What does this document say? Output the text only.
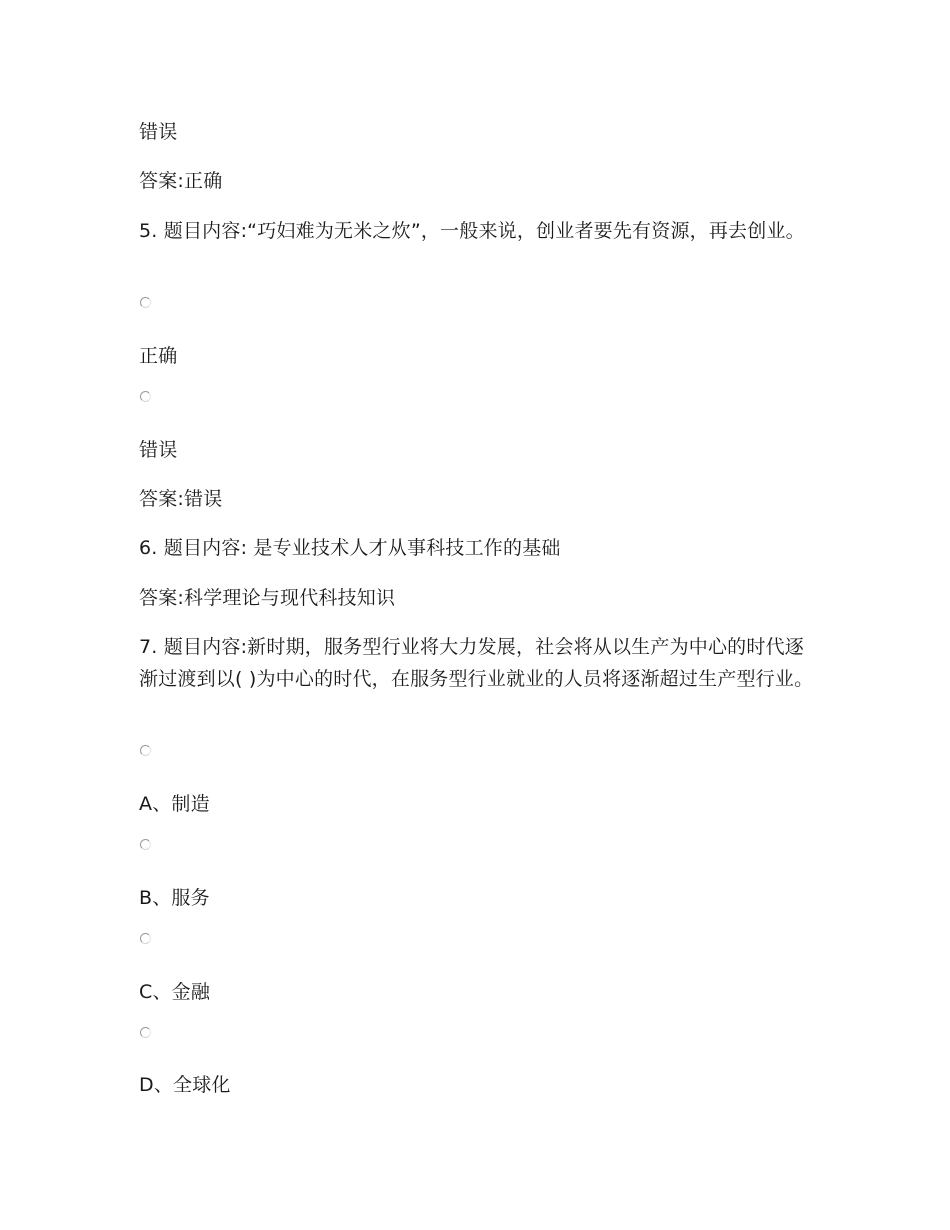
错误
答案:正确
5. 题目内容:“巧妇难为无米之炊”，一般来说，创业者要先有资源，再去创业。
正确
错误
答案:错误
6. 题目内容: 是专业技术人才从事科技工作的基础
答案:科学理论与现代科技知识
7. 题目内容:新时期，服务型行业将大力发展，社会将从以生产为中心的时代逐渐过渡到以( )为中心的时代，在服务型行业就业的人员将逐渐超过生产型行业。
A、制造
B、服务
C、金融
D、全球化
